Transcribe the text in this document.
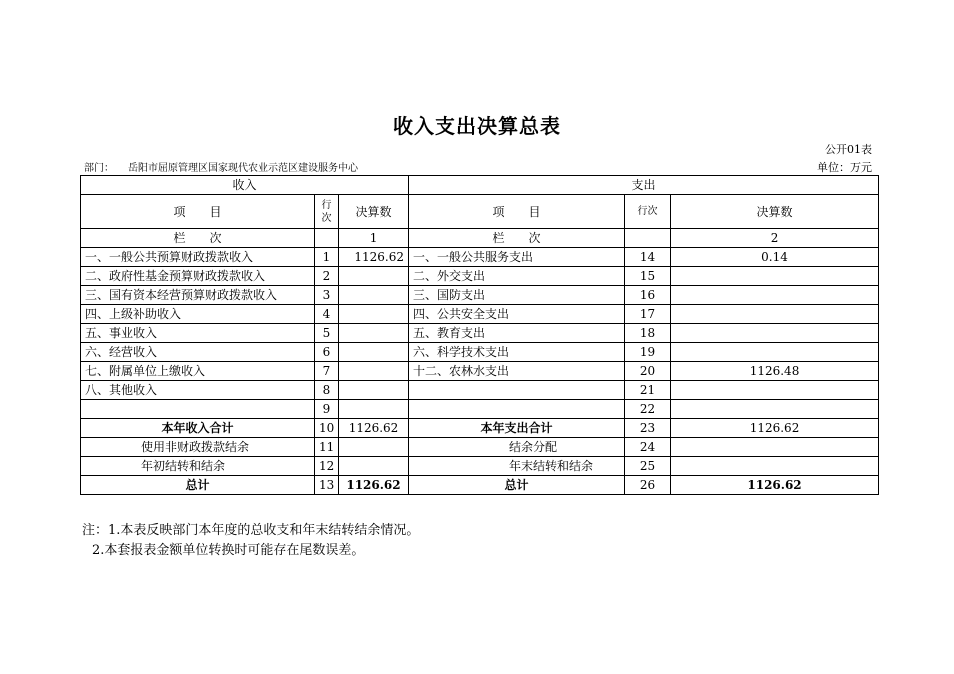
收入支出决算总表
公开01表
部门： 岳阳市屈原管理区国家现代农业示范区建设服务中心	单位：万元
收入			支出		
项　　目	行次	决算数	项　　目	行次	决算数
栏　　次		1	栏　　次		2
一、一般公共预算财政拨款收入	1	1126.62	一、一般公共服务支出	14	0.14
二、政府性基金预算财政拨款收入	2		二、外交支出	15	
三、国有资本经营预算财政拨款收入	3		三、国防支出	16	
四、上级补助收入	4		四、公共安全支出	17	
五、事业收入	5		五、教育支出	18	
六、经营收入	6		六、科学技术支出	19	
七、附属单位上缴收入	7		十二、农林水支出	20	1126.48
八、其他收入	8			21	
	9			22	
本年收入合计	10	1126.62	本年支出合计	23	1126.62
使用非财政拨款结余	11		结余分配	24	
年初结转和结余	12		年末结转和结余	25	
总计	13	1126.62	总计	26	1126.62
注：1.本表反映部门本年度的总收支和年末结转结余情况。
2.本套报表金额单位转换时可能存在尾数误差。
